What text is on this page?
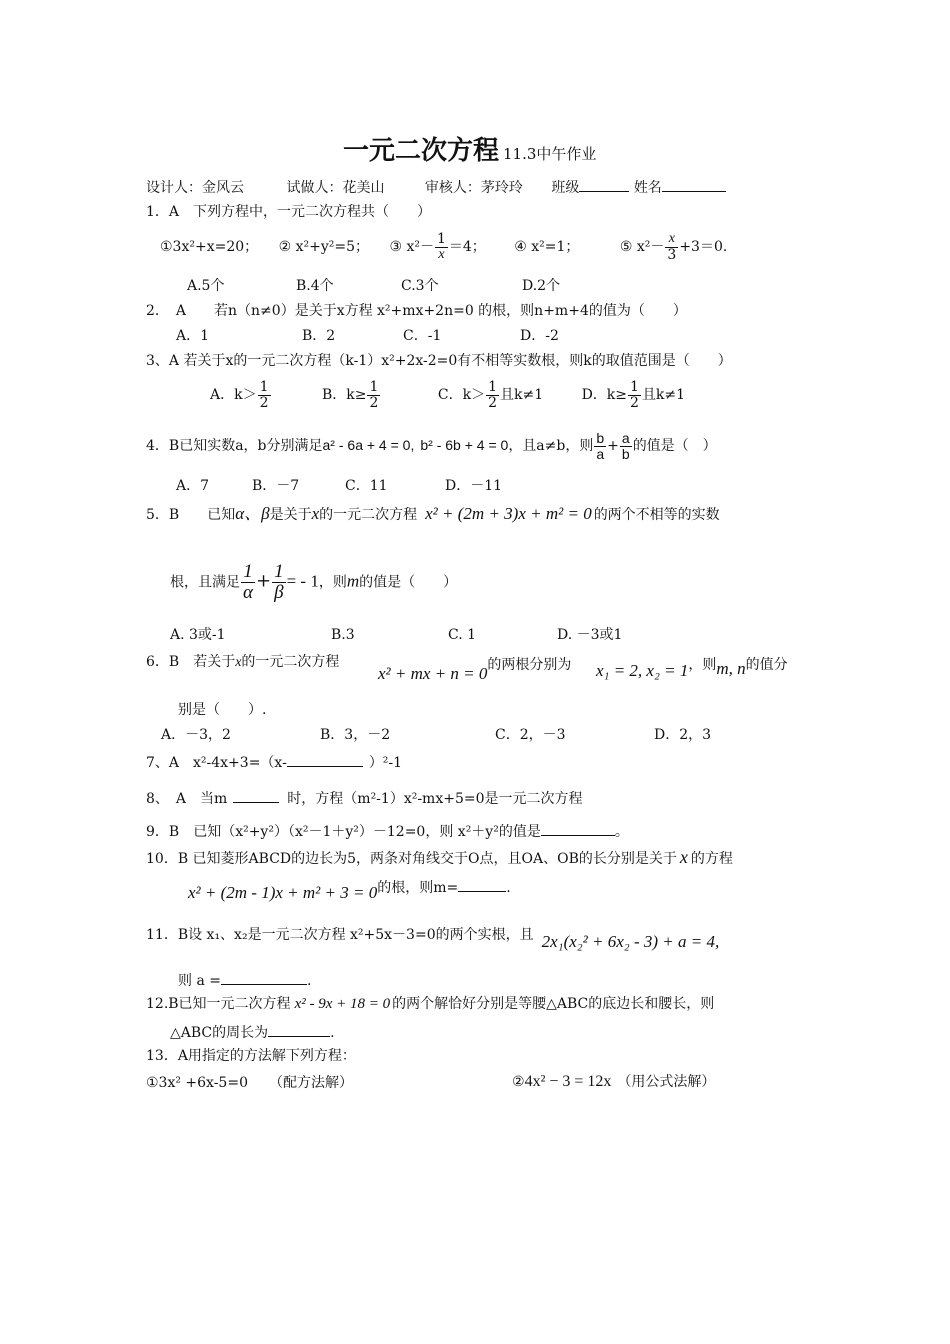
一元二次方程 11.3中午作业
设计人：金风云	试做人：花美山	审核人：茅玲玲 班级	姓名
1．A　下列方程中，一元二次方程共（　　）
①3x²+x=20； ② x²+y²=5； ③ $x^2- \frac{1}{x} =4$； ④ x²=1；	⑤ $x^2- \frac{x}{3} +3=0$.
A.5个	B.4个	C.3个	D.2个
2．　A　　若n（n≠0）是关于x方程 x²+mx+2n=0 的根，则n+m+4的值为（　　）
A．1	B．2	C．-1	D．-2
3、A 若关于x的一元二次方程（k-1）x²+2x-2=0有不相等实数根，则k的取值范围是（　　）
A．$k> \frac{1}{2}$	B．$k\ge \frac{1}{2}$	C．$k> \frac{1}{2}$ 且k≠1	D．$k\ge \frac{1}{2}$ 且k≠1
4．B已知实数a，b分别满足a² - 6a + 4 = 0, b² - 6b + 4 = 0，且a≠b，则 $\frac{b}{a} + \frac{a}{b}$ 的值是（　）
A．7	B．－7	C．11	D．－11
5．B　　已知α、β是关于x的一元二次方程 x² + (2m + 3)x + m² = 0 的两个不相等的实数
根，且满足 $\frac{1}{\alpha} + \frac{1}{\beta}$ = - 1，则m的值是（　　）
A. 3或-1	B.3	C. 1	D. －3或1
6．B　若关于x的一元二次方程
x² + mx + n = 0的两根分别为 x₁ = 2, x₂ = 1，则m, n的值分
别是（　　）.
A．－3，2	B．3，－2	C．2，－3	D．2，3
7、A　x²-4x+3=（x-	）²-1
8、　A　当m	时，方程（m²-1）x²-mx+5=0是一元二次方程
9．B　已知（x²+y²）（x²－1＋y²）－12=0，则 x²＋y²的值是	。
10．B 已知菱形ABCD的边长为5，两条对角线交于O点，且OA、OB的长分别是关于 x 的方程
x² + (2m - 1)x + m² + 3 = 0的根，则m=	.
11．B设 x₁、x₂是一元二次方程 x²+5x－3=0的两个实根，且 2x₁(x₂² + 6x₂ - 3) + a = 4,
则 a =	.
12.B已知一元二次方程 x² - 9x + 18 = 0 的两个解恰好分别是等腰△ABC的底边长和腰长，则
△ABC的周长为	.
13．A用指定的方法解下列方程：
①3x² +6x-5=0　　（配方法解）	②4x² − 3 = 12x （用公式法解）
